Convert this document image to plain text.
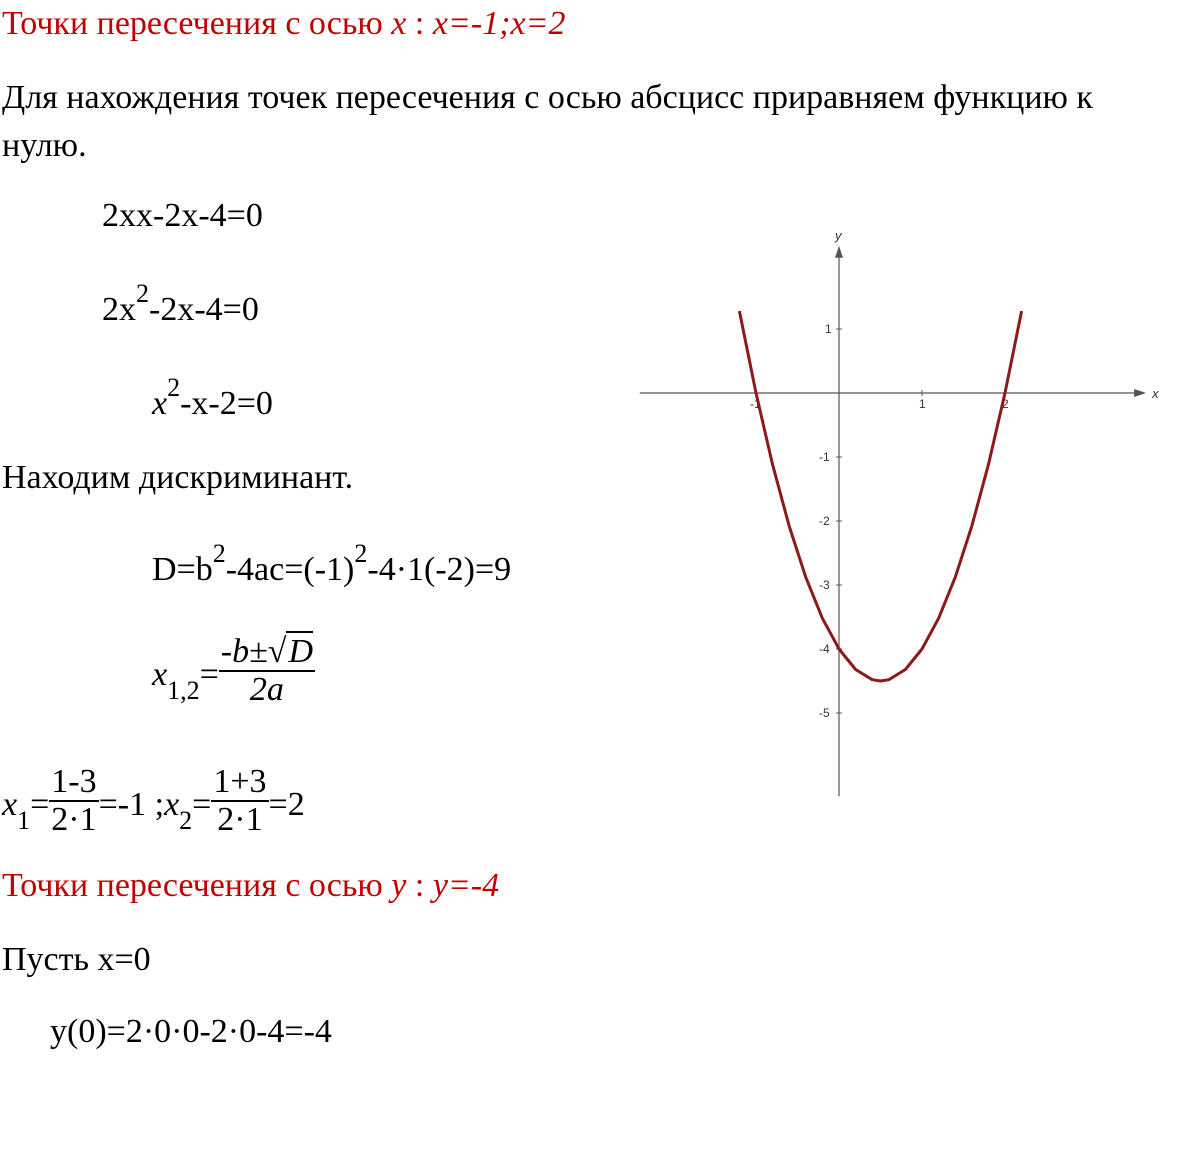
Точки пересечения с осью x : x=-1;x=2
Для нахождения точек пересечения с осью абсцисс приравняем функцию к
нулю.
2xx-2x-4=0
$2x^2-2x-4=0$
$x^2-x-2=0$
Находим дискриминант.
$D=b^2-4ac=(-1)^2-4\cdot 1(-2)=9$
$x_{1,2}= \frac{-b\pm√D}{2a}$
$x_1= \frac{1-3}{2\cdot 1} =-1$ $;x_2= \frac{1+3}{2\cdot 1} =2$
Точки пересечения с осью y : y=-4
Пусть x=0
y(0)=2·0·0-2·0-4=-4
x
y
-1	1	2
1
-1
-2
-3
-4
-5
